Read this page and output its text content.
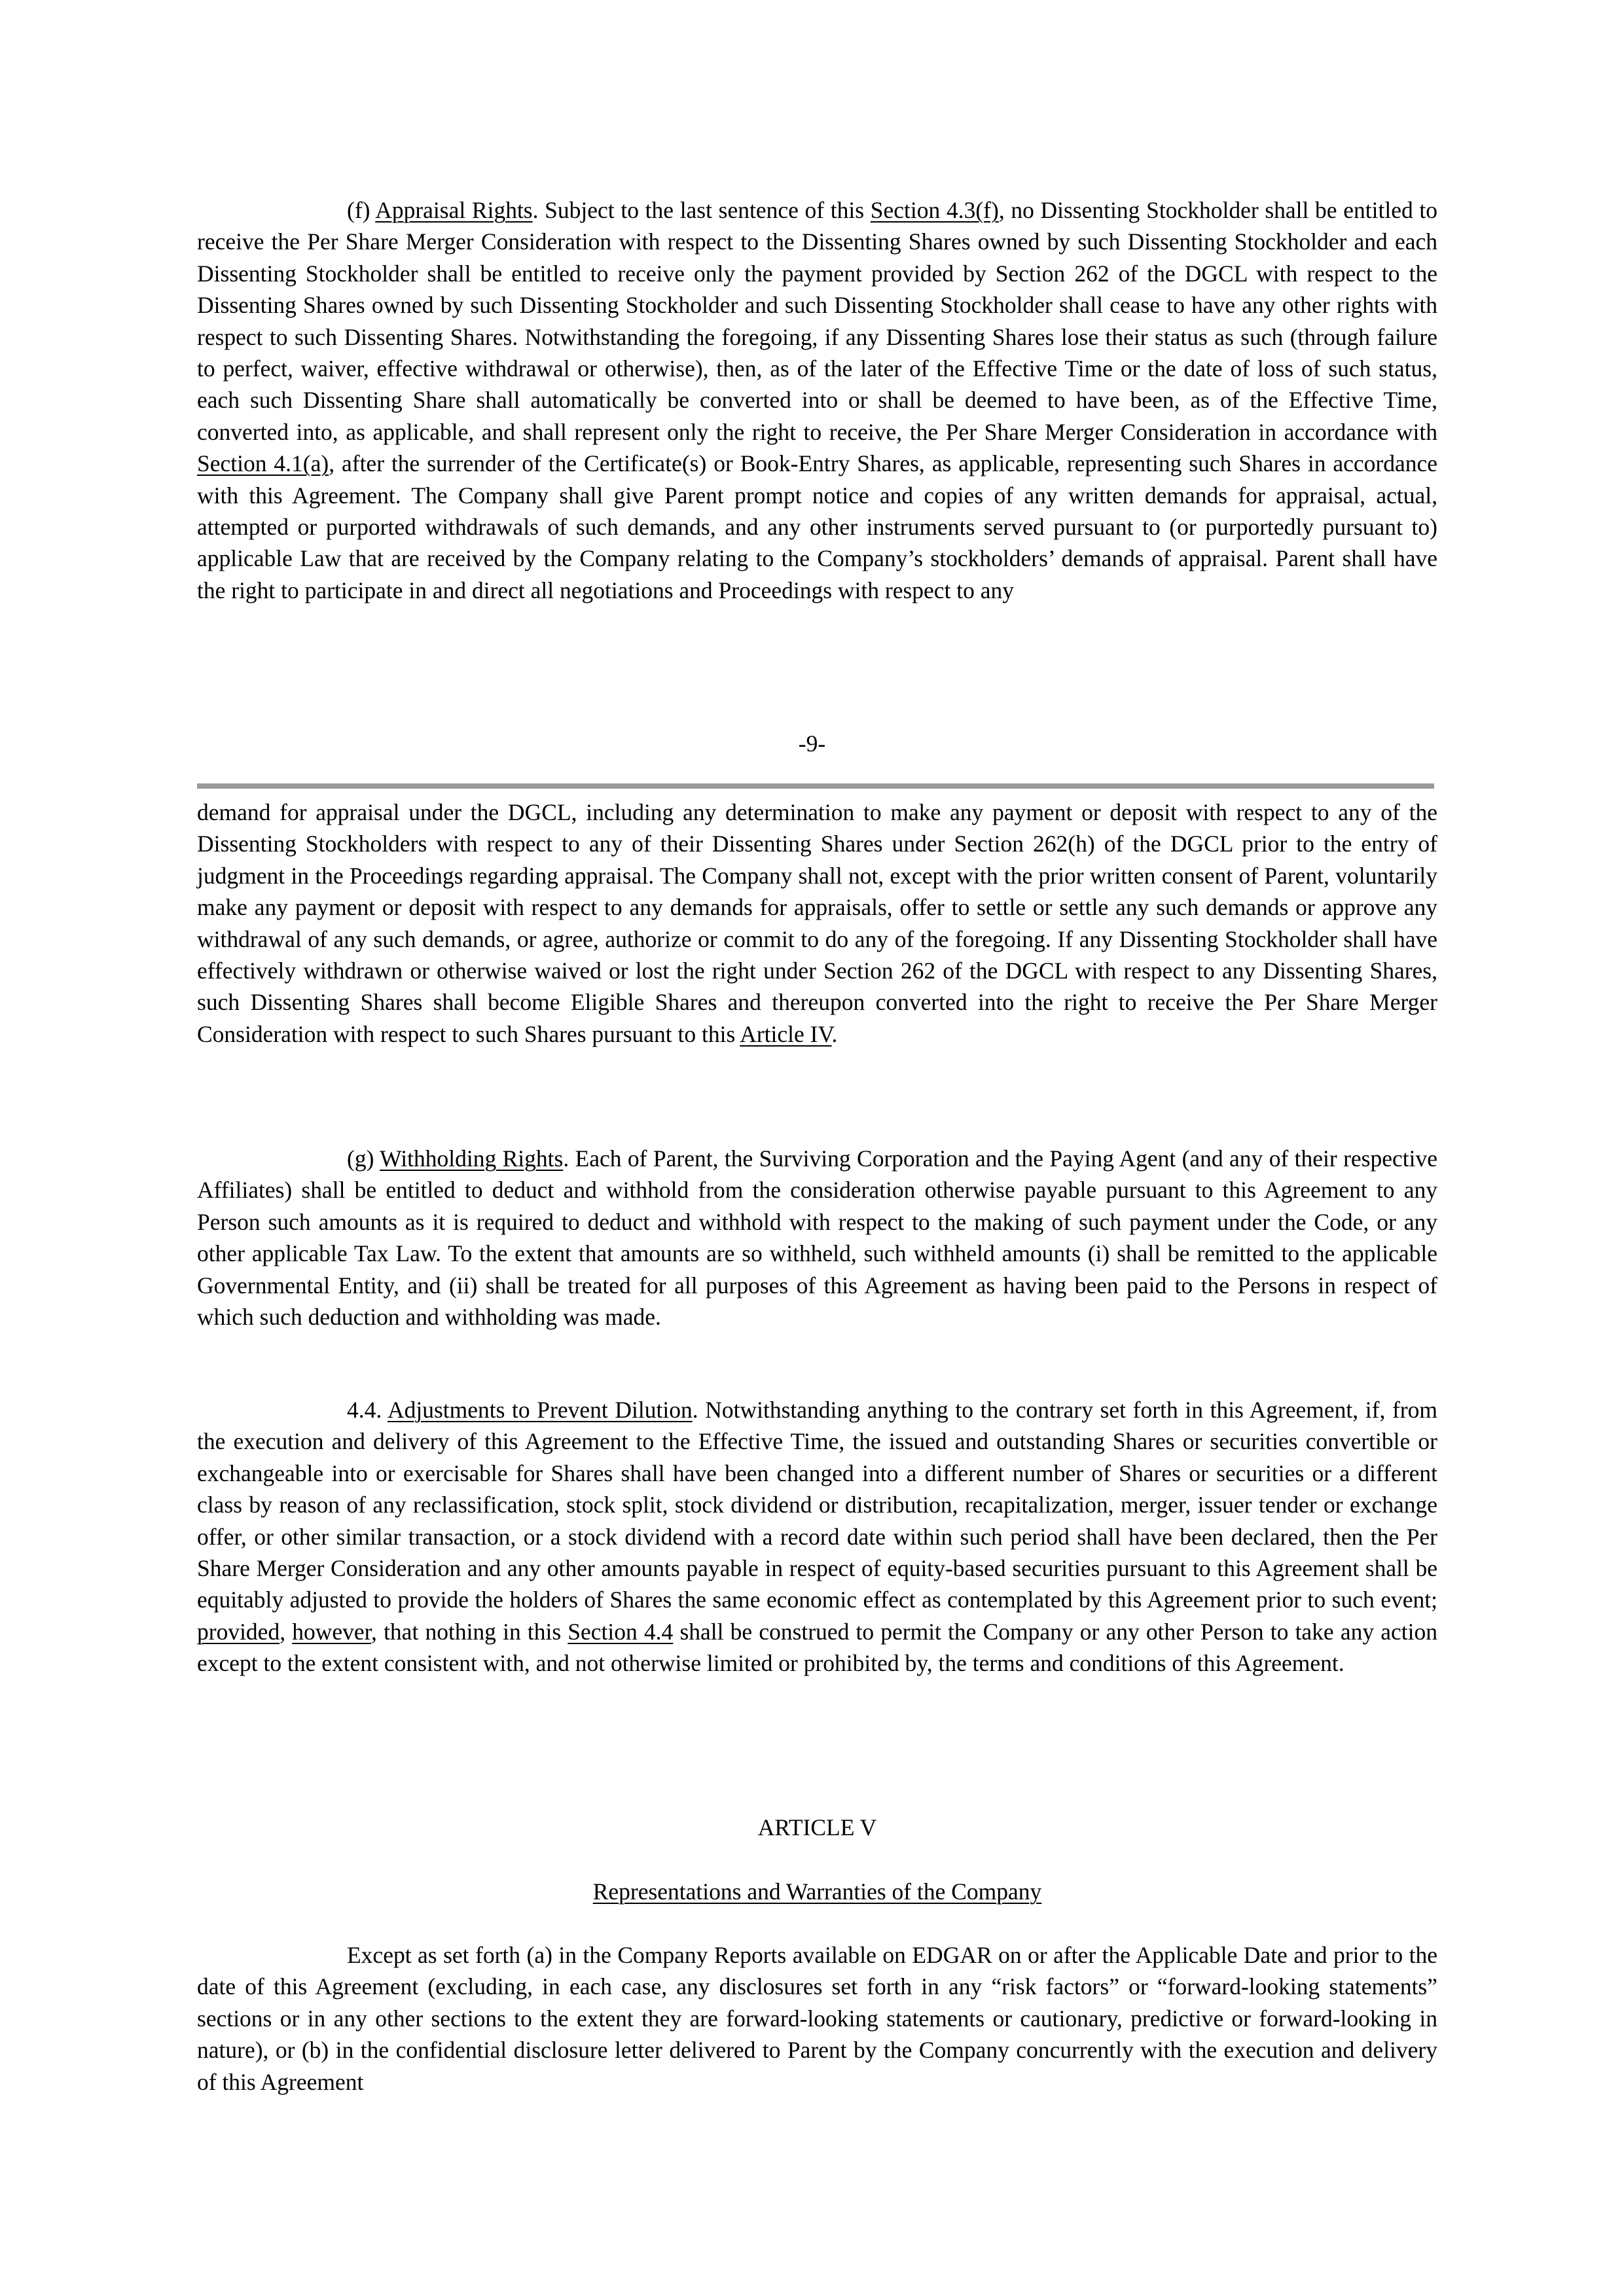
(f) Appraisal Rights. Subject to the last sentence of this Section 4.3(f), no Dissenting Stockholder shall be entitled to receive the Per Share Merger Consideration with respect to the Dissenting Shares owned by such Dissenting Stockholder and each Dissenting Stockholder shall be entitled to receive only the payment provided by Section 262 of the DGCL with respect to the Dissenting Shares owned by such Dissenting Stockholder and such Dissenting Stockholder shall cease to have any other rights with respect to such Dissenting Shares. Notwithstanding the foregoing, if any Dissenting Shares lose their status as such (through failure to perfect, waiver, effective withdrawal or otherwise), then, as of the later of the Effective Time or the date of loss of such status, each such Dissenting Share shall automatically be converted into or shall be deemed to have been, as of the Effective Time, converted into, as applicable, and shall represent only the right to receive, the Per Share Merger Consideration in accordance with Section 4.1(a), after the surrender of the Certificate(s) or Book-Entry Shares, as applicable, representing such Shares in accordance with this Agreement. The Company shall give Parent prompt notice and copies of any written demands for appraisal, actual, attempted or purported withdrawals of such demands, and any other instruments served pursuant to (or purportedly pursuant to) applicable Law that are received by the Company relating to the Company’s stockholders’ demands of appraisal. Parent shall have the right to participate in and direct all negotiations and Proceedings with respect to any

-9-

demand for appraisal under the DGCL, including any determination to make any payment or deposit with respect to any of the Dissenting Stockholders with respect to any of their Dissenting Shares under Section 262(h) of the DGCL prior to the entry of judgment in the Proceedings regarding appraisal. The Company shall not, except with the prior written consent of Parent, voluntarily make any payment or deposit with respect to any demands for appraisals, offer to settle or settle any such demands or approve any withdrawal of any such demands, or agree, authorize or commit to do any of the foregoing. If any Dissenting Stockholder shall have effectively withdrawn or otherwise waived or lost the right under Section 262 of the DGCL with respect to any Dissenting Shares, such Dissenting Shares shall become Eligible Shares and thereupon converted into the right to receive the Per Share Merger Consideration with respect to such Shares pursuant to this Article IV.

(g) Withholding Rights. Each of Parent, the Surviving Corporation and the Paying Agent (and any of their respective Affiliates) shall be entitled to deduct and withhold from the consideration otherwise payable pursuant to this Agreement to any Person such amounts as it is required to deduct and withhold with respect to the making of such payment under the Code, or any other applicable Tax Law. To the extent that amounts are so withheld, such withheld amounts (i) shall be remitted to the applicable Governmental Entity, and (ii) shall be treated for all purposes of this Agreement as having been paid to the Persons in respect of which such deduction and withholding was made.

4.4. Adjustments to Prevent Dilution. Notwithstanding anything to the contrary set forth in this Agreement, if, from the execution and delivery of this Agreement to the Effective Time, the issued and outstanding Shares or securities convertible or exchangeable into or exercisable for Shares shall have been changed into a different number of Shares or securities or a different class by reason of any reclassification, stock split, stock dividend or distribution, recapitalization, merger, issuer tender or exchange offer, or other similar transaction, or a stock dividend with a record date within such period shall have been declared, then the Per Share Merger Consideration and any other amounts payable in respect of equity-based securities pursuant to this Agreement shall be equitably adjusted to provide the holders of Shares the same economic effect as contemplated by this Agreement prior to such event; provided, however, that nothing in this Section 4.4 shall be construed to permit the Company or any other Person to take any action except to the extent consistent with, and not otherwise limited or prohibited by, the terms and conditions of this Agreement.

ARTICLE V

Representations and Warranties of the Company

Except as set forth (a) in the Company Reports available on EDGAR on or after the Applicable Date and prior to the date of this Agreement (excluding, in each case, any disclosures set forth in any “risk factors” or “forward-looking statements” sections or in any other sections to the extent they are forward-looking statements or cautionary, predictive or forward-looking in nature), or (b) in the confidential disclosure letter delivered to Parent by the Company concurrently with the execution and delivery of this Agreement
